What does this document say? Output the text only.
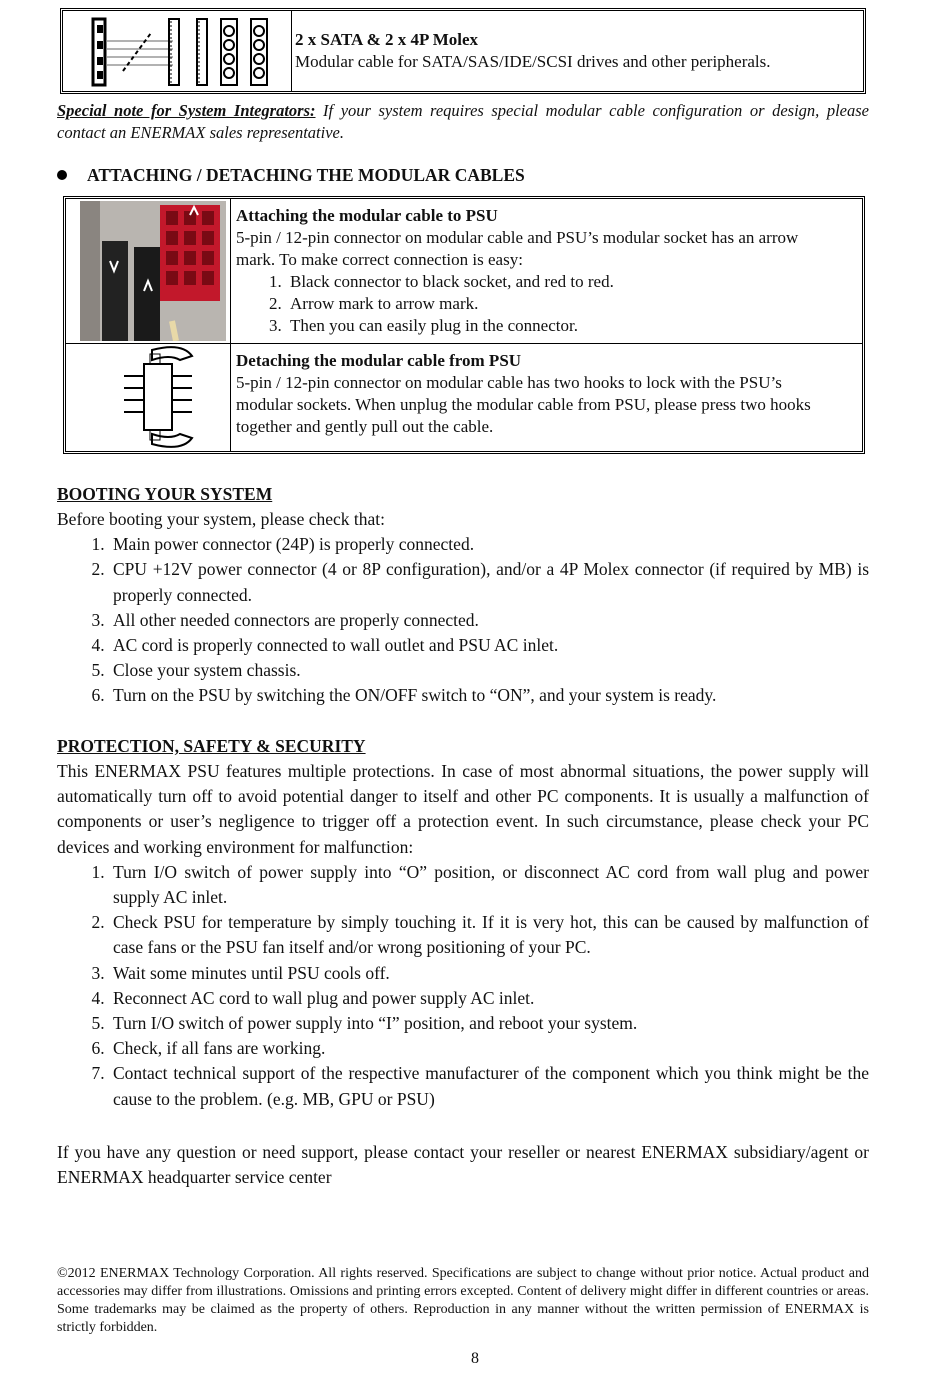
2 x SATA & 2 x 4P Molex
Modular cable for SATA/SAS/IDE/SCSI drives and other peripherals.
Special note for System Integrators: If your system requires special modular cable configuration or design, please contact an ENERMAX sales representative.
ATTACHING / DETACHING THE MODULAR CABLES
Attaching the modular cable to PSU
5-pin / 12-pin connector on modular cable and PSU’s modular socket has an arrow mark. To make correct connection is easy:
1. Black connector to black socket, and red to red.
2. Arrow mark to arrow mark.
3. Then you can easily plug in the connector.
Detaching the modular cable from PSU
5-pin / 12-pin connector on modular cable has two hooks to lock with the PSU’s modular sockets. When unplug the modular cable from PSU, please press two hooks together and gently pull out the cable.
BOOTING YOUR SYSTEM
Before booting your system, please check that:
1. Main power connector (24P) is properly connected.
2. CPU +12V power connector (4 or 8P configuration), and/or a 4P Molex connector (if required by MB) is properly connected.
3. All other needed connectors are properly connected.
4. AC cord is properly connected to wall outlet and PSU AC inlet.
5. Close your system chassis.
6. Turn on the PSU by switching the ON/OFF switch to “ON”, and your system is ready.
PROTECTION, SAFETY & SECURITY
This ENERMAX PSU features multiple protections. In case of most abnormal situations, the power supply will automatically turn off to avoid potential danger to itself and other PC components. It is usually a malfunction of components or user’s negligence to trigger off a protection event. In such circumstance, please check your PC devices and working environment for malfunction:
1. Turn I/O switch of power supply into “O” position, or disconnect AC cord from wall plug and power supply AC inlet.
2. Check PSU for temperature by simply touching it. If it is very hot, this can be caused by malfunction of case fans or the PSU fan itself and/or wrong positioning of your PC.
3. Wait some minutes until PSU cools off.
4. Reconnect AC cord to wall plug and power supply AC inlet.
5. Turn I/O switch of power supply into “I” position, and reboot your system.
6. Check, if all fans are working.
7. Contact technical support of the respective manufacturer of the component which you think might be the cause to the problem. (e.g. MB, GPU or PSU)
If you have any question or need support, please contact your reseller or nearest ENERMAX subsidiary/agent or ENERMAX headquarter service center
©2012 ENERMAX Technology Corporation. All rights reserved. Specifications are subject to change without prior notice. Actual product and accessories may differ from illustrations. Omissions and printing errors excepted. Content of delivery might differ in different countries or areas. Some trademarks may be claimed as the property of others. Reproduction in any manner without the written permission of ENERMAX is strictly forbidden.
8
